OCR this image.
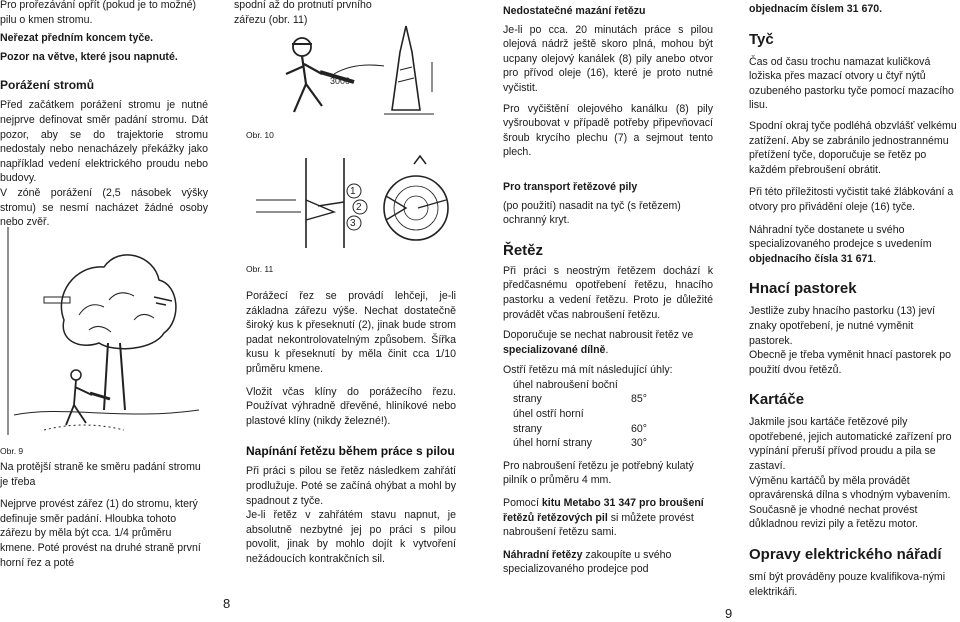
Pro prořezávání opřít (pokud je to možné) pilu o kmen stromu.

Neřezat předním koncem tyče.

Pozor na větve, které jsou napnuté.

Porážení stromů

Před začátkem porážení stromu je nutné nejprve definovat směr padání stromu. Dát pozor, aby se do trajektorie stromu nedostaly nebo nenacházely překážky jako například vedení elektrického proudu nebo budovy.

V zóně porážení (2,5 násobek výšky stromu) se nesmí nacházet žádné osoby nebo zvěř.

Obr. 9

Na protější straně ke směru padání stromu je třeba

Nejprve provést zářez (1) do stromu, který definuje směr padání. Hloubka tohoto zářezu by měla být cca. 1/4 průměru kmene. Poté provést na druhé straně první horní řez a poté

spodní až do protnutí prvního zářezu (obr. 11)

3000

Obr. 10

1
2
3

Obr. 11

Porážecí řez se provádí lehčeji, je-li základna zářezu výše. Nechat dostatečně široký kus k přeseknutí (2), jinak bude strom padat nekontrolovatelným způsobem. Šířka kusu k přeseknutí by měla činit cca 1/10 průměru kmene.

Vložit včas klíny do porážecího řezu. Používat výhradně dřevěné, hliníkové nebo plastové klíny (nikdy železné!).

Napínání řetězu během práce s pilou

Při práci s pilou se řetěz následkem zahřátí prodlužuje. Poté se začíná ohýbat a mohl by spadnout z tyče.

Je-li řetěz v zahřátém stavu napnut, je absolutně nezbytné jej po práci s pilou povolit, jinak by mohlo dojít k vytvoření nežádoucích kontrakčních sil.

8

Nedostatečné mazání řetězu

Je-li po cca. 20 minutách práce s pilou olejová nádrž ještě skoro plná, mohou být ucpany olejový kanálek (8) pily anebo otvor pro přívod oleje (16), které je proto nutné vyčistit.

Pro vyčištění olejového kanálku (8) pily vyšroubovat v případě potřeby připevňovací šroub krycího plechu (7) a sejmout tento plech.

Pro transport řetězové pily

(po použití) nasadit na tyč (s řetězem) ochranný kryt.

Řetěz

Při práci s neostrým řetězem dochází k předčasnému opotřebení řetězu, hnacího pastorku a vedení řetězu. Proto je důležité provádět včas nabroušení řetězu.

Doporučuje se nechat nabrousit řetěz ve specializované dílně.

Ostří řetězu má mít následující úhly:

úhel nabroušení boční
strany	85°
úhel ostří horní
strany	60°
úhel horní strany	30°

Pro nabroušení řetězu je potřebný kulatý pilník o průměru 4 mm.

Pomocí kitu Metabo 31 347 pro broušení řetězů řetězových pil si můžete provést nabroušení řetězu sami.

Náhradní řetězy zakoupíte u svého specializovaného prodejce pod

objednacím číslem 31 670.

Tyč

Čas od času trochu namazat kuličková ložiska přes mazací otvory u čtyř nýtů ozubeného pastorku tyče pomocí mazacího lisu.

Spodní okraj tyče podléhá obzvlášť velkému zatížení. Aby se zabránilo jednostrannému přetížení tyče, doporučuje se řetěz po každém přebroušení obrátit.

Při této příležitosti vyčistit také žlábkování a otvory pro přivádění oleje (16) tyče.

Náhradní tyče dostanete u svého specializovaného prodejce s uvedením objednacího čísla 31 671.

Hnací pastorek

Jestliže zuby hnacího pastorku (13) jeví znaky opotřebení, je nutné vyměnit pastorek.

Obecně je třeba vyměnit hnací pastorek po použití dvou řetězů.

Kartáče

Jakmile jsou kartáče řetězové pily opotřebené, jejich automatické zařízení pro vypínání přeruší přívod proudu a pila se zastaví.

Výměnu kartáčů by měla provádět opravárenská dílna s vhodným vybavením. Současně je vhodné nechat provést důkladnou revizi pily a řetězu motor.

Opravy elektrického nářadí

smí být prováděny pouze kvalifikova-nými elektrikáři.

9
